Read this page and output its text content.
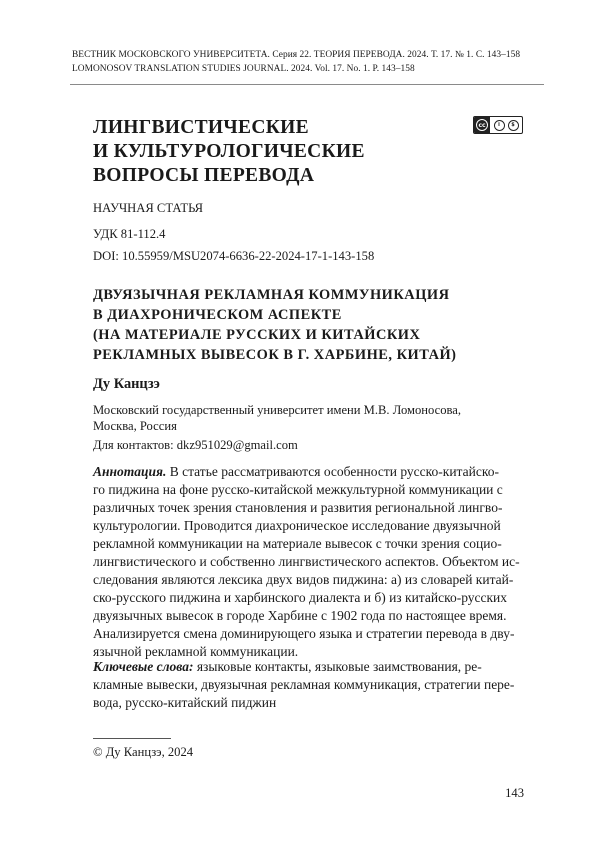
ВЕСТНИК МОСКОВСКОГО УНИВЕРСИТЕТА. Серия 22. ТЕОРИЯ ПЕРЕВОДА. 2024. Т. 17. № 1. С. 143–158
LOMONOSOV TRANSLATION STUDIES JOURNAL. 2024. Vol. 17. No. 1. P. 143–158
cc	i	$
ЛИНГВИСТИЧЕСКИЕ
И КУЛЬТУРОЛОГИЧЕСКИЕ
ВОПРОСЫ ПЕРЕВОДА
НАУЧНАЯ СТАТЬЯ
УДК 81-112.4
DOI: 10.55959/MSU2074-6636-22-2024-17-1-143-158
ДВУЯЗЫЧНАЯ РЕКЛАМНАЯ КОММУНИКАЦИЯ
В ДИАХРОНИЧЕСКОМ АСПЕКТЕ
(НА МАТЕРИАЛЕ РУССКИХ И КИТАЙСКИХ
РЕКЛАМНЫХ ВЫВЕСОК В Г. ХАРБИНЕ, КИТАЙ)
Ду Канцзэ
Московский государственный университет имени М.В. Ломоносова,
Москва, Россия
Для контактов: dkz951029@gmail.com
Аннотация. В статье рассматриваются особенности русско-китайско-
го пиджина на фоне русско-китайской межкультурной коммуникации с
различных точек зрения становления и развития региональной лингво-
культурологии. Проводится диахроническое исследование двуязычной
рекламной коммуникации на материале вывесок с точки зрения социо-
лингвистического и собственно лингвистического аспектов. Объектом ис-
следования являются лексика двух видов пиджина: а) из словарей китай-
ско-русского пиджина и харбинского диалекта и б) из китайско-русских
двуязычных вывесок в городе Харбине с 1902 года по настоящее время.
Анализируется смена доминирующего языка и стратегии перевода в дву-
язычной рекламной коммуникации.
Ключевые слова: языковые контакты, языковые заимствования, ре-
кламные вывески, двуязычная рекламная коммуникация, стратегии пере-
вода, русско-китайский пиджин
© Ду Канцзэ, 2024
143
